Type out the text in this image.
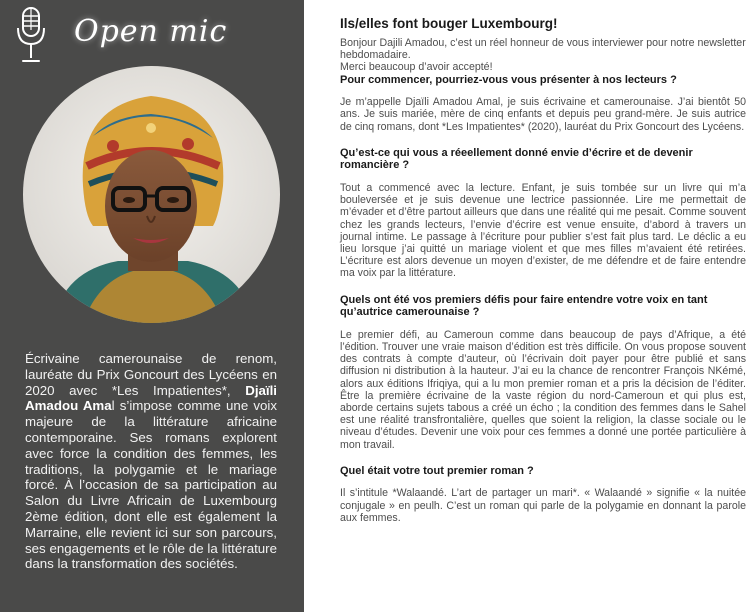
Open mic
Écrivaine camerounaise de renom, lauréate du Prix Goncourt des Lycéens en 2020 avec *Les Impatientes*, Djaïli Amadou Amal s’impose comme une voix majeure de la littérature africaine contemporaine. Ses romans explorent avec force la condition des femmes, les traditions, la polygamie et le mariage forcé. À l’occasion de sa participation au Salon du Livre Africain de Luxembourg 2ème édition, dont elle est également la Marraine, elle revient ici sur son parcours, ses engagements et le rôle de la littérature dans la transformation des sociétés.
Ils/elles font bouger Luxembourg!

Bonjour Dajili Amadou, c’est un réel honneur de vous interviewer pour notre newsletter hebdomadaire.

Merci beaucoup d’avoir accepté!

Pour commencer, pourriez-vous vous présenter à nos lecteurs ?

Je m’appelle Djaïli Amadou Amal, je suis écrivaine et camerounaise. J’ai bientôt 50 ans. Je suis mariée, mère de cinq enfants et depuis peu grand-mère. Je suis autrice de cinq romans, dont *Les Impatientes* (2020), lauréat du Prix Goncourt des Lycéens.

Qu’est-ce qui vous a réeellement donné envie d’écrire et de devenir romancière ?

Tout a commencé avec la lecture. Enfant, je suis tombée sur un livre qui m’a bouleversée et je suis devenue une lectrice passionnée. Lire me permettait de m’évader et d’être partout ailleurs que dans une réalité qui me pesait. Comme souvent chez les grands lecteurs, l’envie d’écrire est venue ensuite, d’abord à travers un journal intime. Le passage à l’écriture pour publier s’est fait plus tard. Le déclic a eu lieu lorsque j’ai quitté un mariage violent et que mes filles m’avaient été retirées. L’écriture est alors devenue un moyen d’exister, de me défendre et de faire entendre ma voix par la littérature.

Quels ont été vos premiers défis pour faire entendre votre voix en tant qu’autrice camerounaise ?

Le premier défi, au Cameroun comme dans beaucoup de pays d’Afrique, a été l’édition. Trouver une vraie maison d’édition est très difficile. On vous propose souvent des contrats à compte d’auteur, où l’écrivain doit payer pour être publié et sans diffusion ni distribution à la hauteur. J’ai eu la chance de rencontrer François NKémé, alors aux éditions Ifriqiya, qui a lu mon premier roman et a pris la décision de l’éditer. Être la première écrivaine de la vaste région du nord-Cameroun et qui plus est, aborde certains sujets tabous a créé un écho ; la condition des femmes dans le Sahel est une réalité transfrontalière, quelles que soient la religion, la classe sociale ou le niveau d’études. Devenir une voix pour ces femmes a donné une portée particulière à mon travail.

Quel était votre tout premier roman ?

Il s’intitule *Walaandé. L’art de partager un mari*. « Walaandé » signifie « la nuitée conjugale » en peulh. C’est un roman qui parle de la polygamie en donnant la parole aux femmes.
